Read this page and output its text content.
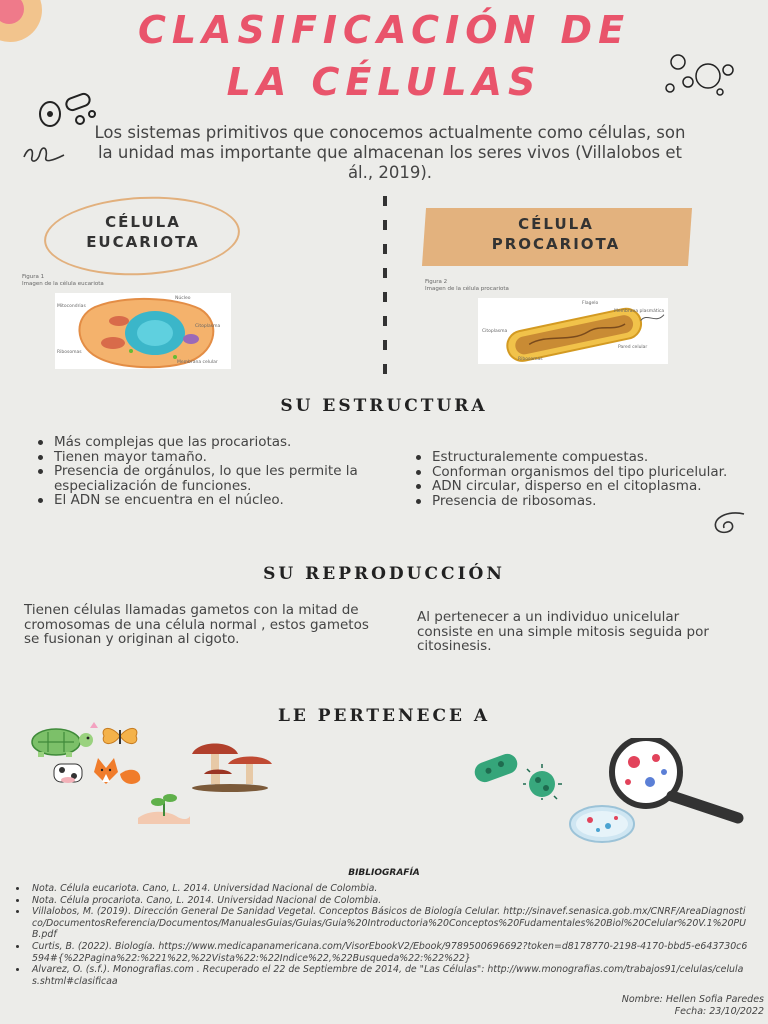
CLASIFICACIÓN DE
LA CÉLULAS
Los sistemas primitivos que conocemos actualmente como células, son la unidad mas importante que almacenan los seres vivos (Villalobos et ál., 2019).
CÉLULA
EUCARIOTA
CÉLULA
PROCARIOTA
Figura 1
Imagen de la célula eucariota	Figura 2
Imagen de la célula procariota
Mitocondrias
Núcleo
Citoplasma
Ribosomas
Membrana celular
Flagelo
Membrana plasmática
Citoplasma
Ribosomas
Pared celular
SU ESTRUCTURA
Más complejas que las procariotas.
Tienen mayor tamaño.
Presencia de orgánulos, lo que les permite la especialización de funciones.
El ADN se encuentra en el núcleo.
Estructuralemente compuestas.
Conforman organismos del tipo pluricelular.
ADN circular, disperso en el citoplasma.
Presencia de ribosomas.
SU REPRODUCCIÓN
Tienen células llamadas gametos con la mitad de cromosomas de una célula normal , estos gametos se fusionan y originan al cigoto.
Al pertenecer a un individuo unicelular consiste en una simple mitosis seguida por citosinesis.
LE PERTENECE A
BIBLIOGRAFÍA
Nota. Célula eucariota. Cano, L. 2014. Universidad Nacional de Colombia.
Nota. Célula procariota. Cano, L. 2014. Universidad Nacional de Colombia.
Villalobos, M. (2019). Dirección General De Sanidad Vegetal. Conceptos Básicos de Biología Celular. http://sinavef.senasica.gob.mx/CNRF/AreaDiagnostico/DocumentosReferencia/Documentos/ManualesGuias/Guias/Guia%20Introductoria%20Conceptos%20Fudamentales%20Biol%20Celular%20V.1%20PUB.pdf
Curtis, B. (2022). Biología. https://www.medicapanamericana.com/VisorEbookV2/Ebook/9789500696692?token=d8178770-2198-4170-bbd5-e643730c6594#{%22Pagina%22:%221%22,%22Vista%22:%22Indice%22,%22Busqueda%22:%22%22}
Alvarez, O. (s.f.). Monografias.com . Recuperado el 22 de Septiembre de 2014, de "Las Células": http://www.monografias.com/trabajos91/celulas/celulas.shtml#clasificaa
Nombre: Hellen Sofia Paredes
Fecha: 23/10/2022
